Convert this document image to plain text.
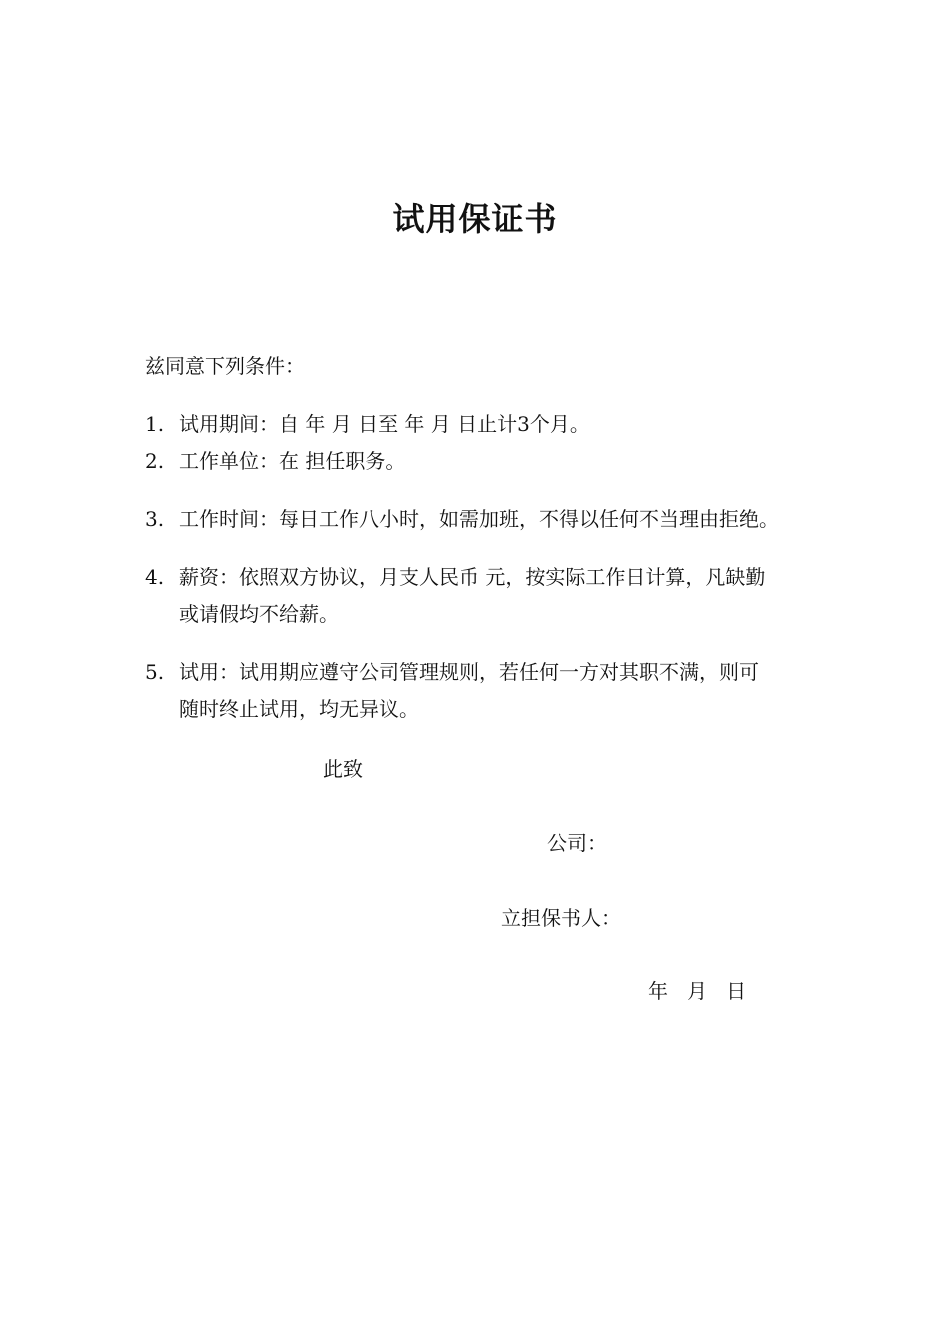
试用保证书
兹同意下列条件：
1. 试用期间：自 年 月 日至 年 月 日止计3个月。
2. 工作单位：在 担任职务。
3. 工作时间：每日工作八小时，如需加班，不得以任何不当理由拒绝。
4. 薪资：依照双方协议，月支人民币 元，按实际工作日计算，凡缺勤
或请假均不给薪。
5. 试用：试用期应遵守公司管理规则，若任何一方对其职不满，则可
随时终止试用，均无异议。
此致
公司：
立担保书人：
年   月   日
